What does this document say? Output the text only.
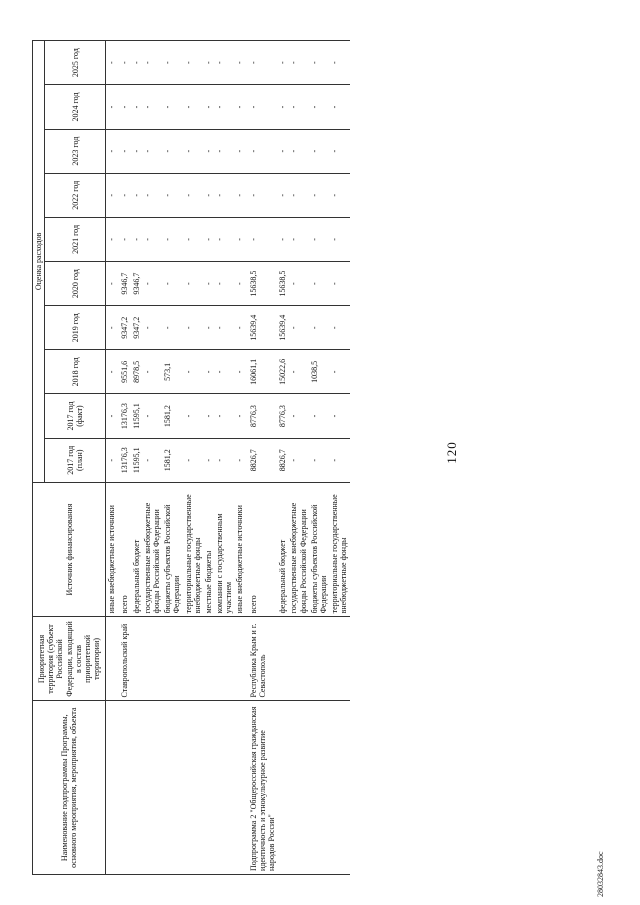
120
Наименование подпрограммы Программы, основного мероприятия, мероприятия, объекта	Приоритетная территория (субъект Российской Федерации, входящий в состав приоритетной территории)	Источник финансирования	Оценка расходов									
			2017 год (план)	2017 год (факт)	2018 год	2019 год	2020 год	2021 год	2022 год	2023 год	2024 год	2025 год
		иные внебюджетные источники	-	-	-	-	-	-	-	-	-	-
	Ставропольский край	всего	13176,3	13176,3	9551,6	9347,2	9346,7	-	-	-	-	-
		федеральный бюджет	11595,1	11595,1	8978,5	9347,2	9346,7	-	-	-	-	-
		государственные внебюджетные фонды Российской Федерации	-	-	-	-	-	-	-	-	-	-
		бюджеты субъектов Российской Федерации	1581,2	1581,2	573,1	-	-	-	-	-	-	-
		территориальные государственные внебюджетные фонды	-	-	-	-	-	-	-	-	-	-
		местные бюджеты	-	-	-	-	-	-	-	-	-	-
		компании с государственным участием	-	-	-	-	-	-	-	-	-	-
		иные внебюджетные источники	-	-	-	-	-	-	-	-	-	-
Подпрограмма 2 "Общероссийская гражданская идентичность и этнокультурное развитие народов России"	Республика Крым и г. Севастополь	всего	8826,7	8776,3	16061,1	15639,4	15638,5	-	-	-	-	-
		федеральный бюджет	8826,7	8776,3	15022,6	15639,4	15638,5	-	-	-	-	-
		государственные внебюджетные фонды Российской Федерации	-	-	-	-	-	-	-	-	-	-
		бюджеты субъектов Российской Федерации	-	-	1038,5	-	-	-	-	-	-	-
		территориальные государственные внебюджетные фонды	-	-	-	-	-	-	-	-	-	-
28032843.doc
